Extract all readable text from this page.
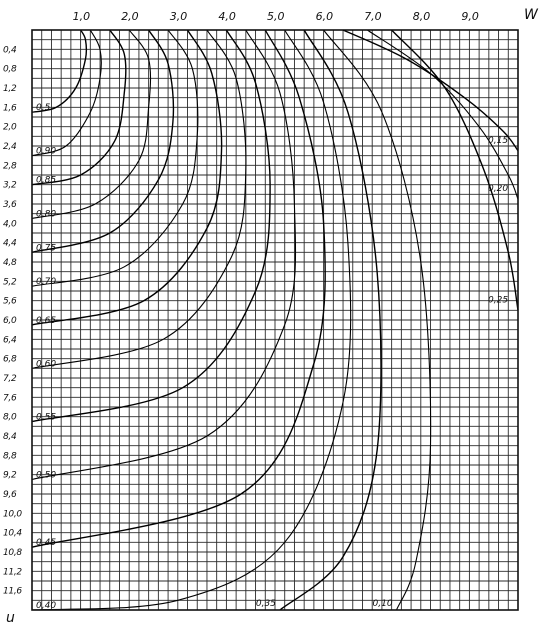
1,0	2,0	3,0	4,0	5,0	6,0	7,0	8,0	9,0
0,4
0,8
1,2
1,6
2,0
2,4
2,8
3,2
3,6
4,0
4,4
4,8
5,2
5,6
6,0
6,4
6,8
7,2
7,6
8,0
8,4
8,8
9,2
9,6
10,0
10,4
10,8
11,2
11,6
0,5
0,90
0,85
0,80
0,75
0,70
0,65
0,60
0,55
0,50
0,45
0,40	0,35	0,10
0,15
0,20
0,25
W
u
